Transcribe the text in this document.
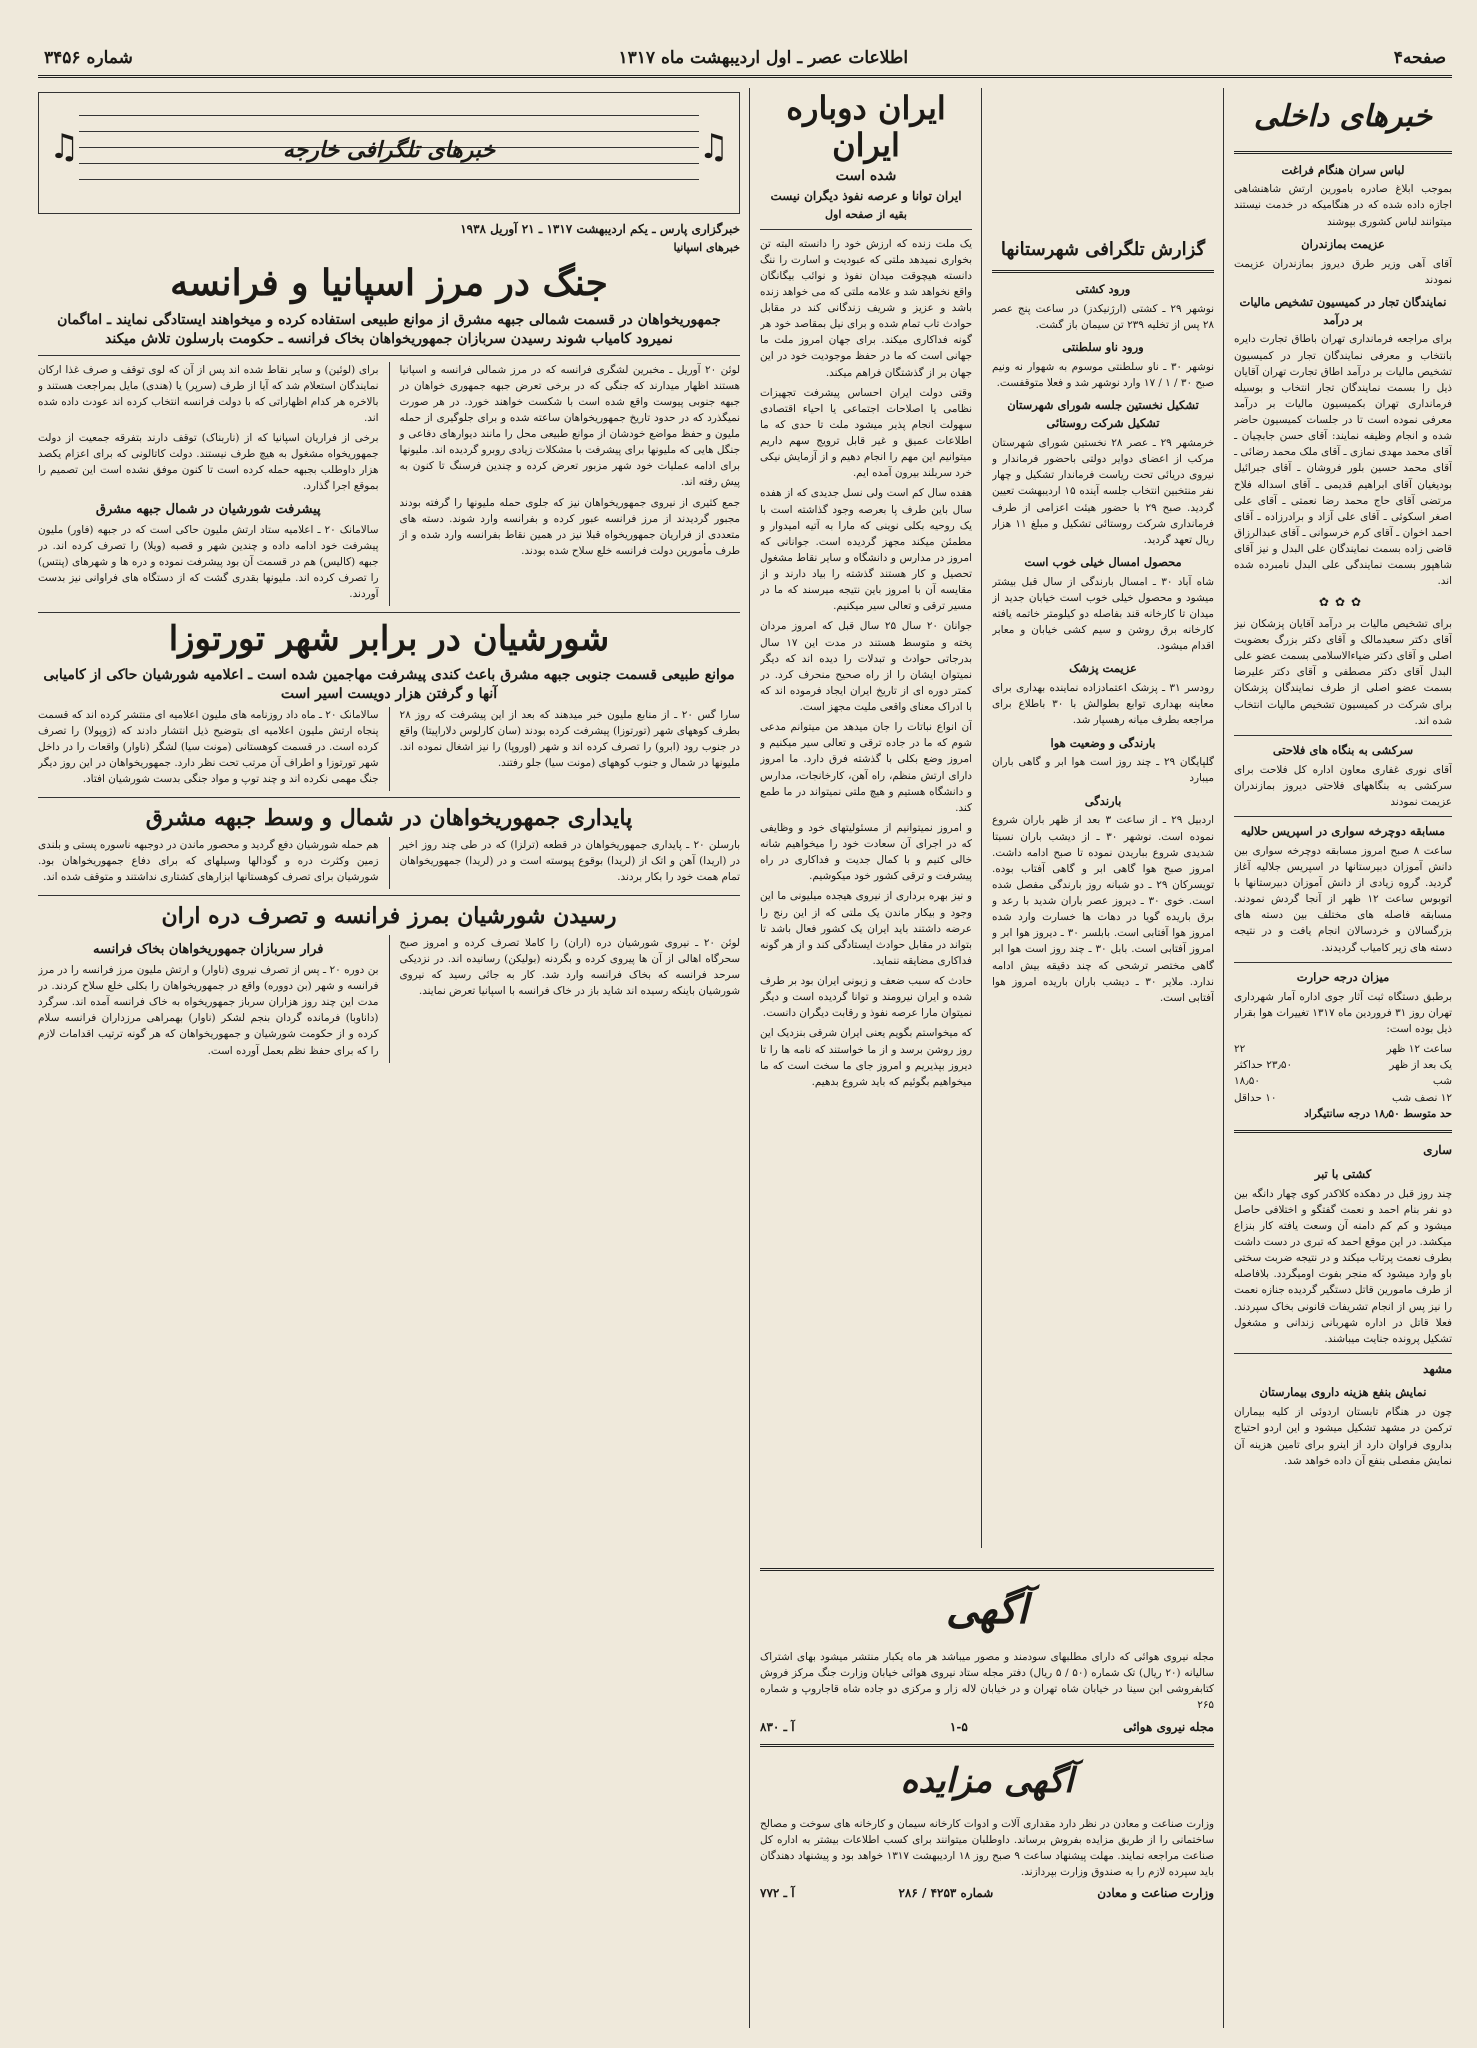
صفحه۴
اطلاعات عصر ـ اول اردیبهشت ماه ۱۳۱۷
شماره ۳۴۵۶
خبرهای داخلی
لباس سران هنگام فراغت

بموجب ابلاغ صادره بامورین ارتش شاهنشاهی اجازه داده شده که در هنگامیکه در خدمت نیستند میتوانند لباس کشوری بپوشند

عزیمت بمازندران

آقای آهی وزیر طرق دیروز بمازندران عزیمت نمودند

نمایندگان تجار در کمیسیون تشخیص مالیات بر درآمد

برای مراجعه فرمانداری تهران باطاق تجارت دایره بانتخاب و معرفی نمایندگان تجار در کمیسیون تشخیص مالیات بر درآمد اطاق تجارت تهران آقایان ذیل را بسمت نمایندگان تجار انتخاب و بوسیله فرمانداری تهران بکمیسیون مالیات بر درآمد معرفی نموده است تا در جلسات کمیسیون حاضر شده و انجام وظیفه نمایند: آقای حسن جابچیان ـ آقای محمد مهدی نمازی ـ آقای ملک محمد رضائی ـ آقای محمد حسین بلور فروشان ـ آقای جبرائیل بودیغیان آقای ابراهیم قدیمی ـ آقای اسداله فلاح مرتضی آقای حاج محمد رضا نعمتی ـ آقای علی اصغر اسکوئی ـ آقای علی آزاد و برادرزاده ـ آقای احمد اخوان ـ آقای کرم خرسوانی ـ آقای عبدالرزاق قاضی زاده بسمت نمایندگان علی البدل و نیز آقای شاهپور بسمت نمایندگی علی البدل نامبرده شده اند.

✿✿✿

برای تشخیص مالیات بر درآمد آقایان پزشکان نیز آقای دکتر سعیدمالک و آقای دکتر بزرگ بعضویت اصلی و آقای دکتر ضیاءالاسلامی بسمت عضو علی البدل آقای دکتر مصطفی و آقای دکتر علیرضا بسمت عضو اصلی از طرف نمایندگان پزشکان برای شرکت در کمیسیون تشخیص مالیات انتخاب شده اند.

سرکشی به بنگاه های فلاحتی

آقای نوری غفاری معاون اداره کل فلاحت برای سرکشی به بنگاههای فلاحتی دیروز بمازندران عزیمت نمودند

مسابقه دوچرخه سواری در اسپریس حلالیه

ساعت ۸ صبح امروز مسابقه دوچرخه سواری بین دانش آموزان دبیرستانها در اسپریس جلالیه آغاز گردید. گروه زیادی از دانش آموزان دبیرستانها با اتوبوس ساعت ۱۲ ظهر از آنجا گردش نمودند. مسابقه فاصله های مختلف بین دسته های بزرگسالان و خردسالان انجام یافت و در نتیجه دسته های زیر کامیاب گردیدند.

میزان درجه حرارت

برطبق دستگاه ثبت آثار جوی اداره آمار شهرداری تهران روز ۳۱ فروردین ماه ۱۳۱۷ تغییرات هوا بقرار ذیل بوده است:

ساعت ۱۲ ظهر
۲۲
یک بعد از ظهر
۲۳٫۵۰ حداکثر
شب
۱۸٫۵۰
۱۲ نصف شب
۱۰ حداقل
حد متوسط ۱۸٫۵۰ درجه سانتیگراد
ساری
کشتی با تبر

چند روز قبل در دهکده کلاکدر کوی چهار دانگه بین دو نفر بنام احمد و نعمت گفتگو و اختلافی حاصل میشود و کم کم دامنه آن وسعت یافته کار بنزاع میکشد. در این موقع احمد که تبری در دست داشت بطرف نعمت پرتاب میکند و در نتیجه ضربت سختی باو وارد میشود که منجر بفوت اومیگردد. بلافاصله از طرف مامورین قاتل دستگیر گردیده جنازه نعمت را نیز پس از انجام تشریفات قانونی بخاک سپردند. فعلا قاتل در اداره شهربانی زندانی و مشغول تشکیل پرونده جنایت میباشند.

مشهد
نمایش بنفع هزینه داروی بیمارستان

چون در هنگام تابستان اردوئی از کلیه بیماران ترکمن در مشهد تشکیل میشود و این اردو احتیاج بداروی فراوان دارد از اینرو برای تامین هزینه آن نمایش مفصلی بنفع آن داده خواهد شد.

گزارش تلگرافی شهرستانها
ورود کشتی

نوشهر ۲۹ ـ کشتی (ارژنیکدز) در ساعت پنج عصر ۲۸ پس از تخلیه ۲۳۹ تن سیمان باز گشت.

ورود ناو سلطنتی

نوشهر ۳۰ ـ ناو سلطنتی موسوم به شهوار نه ونیم صبح ۳۰ / ۱ / ۱۷ وارد نوشهر شد و فعلا متوقفست.

تشکیل نخستین جلسه شورای شهرستان تشکیل شرکت روستائی

خرمشهر ۲۹ ـ عصر ۲۸ نخستین شورای شهرستان مرکب از اعضای دوایر دولتی باحضور فرماندار و نیروی دریائی تحت ریاست فرماندار تشکیل و چهار نفر منتخبین انتخاب جلسه آینده ۱۵ اردیبهشت تعیین گردید. صبح ۲۹ با حضور هیئت اعزامی از طرف فرمانداری شرکت روستائی تشکیل و مبلغ ۱۱ هزار ریال تعهد گردید.

محصول امسال خیلی خوب است

شاه آباد ۳۰ ـ امسال بارندگی از سال قبل بیشتر میشود و محصول خیلی خوب است خیابان جدید از میدان تا کارخانه قند بفاصله دو کیلومتر خاتمه یافته کارخانه برق روشن و سیم کشی خیابان و معابر اقدام میشود.

عزیمت پزشک

رودسر ۳۱ ـ پزشک اعتمادزاده نماینده بهداری برای معاینه بهداری توابع بطوالش با ۳۰ باطلاع برای مراجعه بطرف میانه رهسپار شد.

بارندگی و وضعیت هوا

گلپایگان ۲۹ ـ چند روز است هوا ابر و گاهی باران میبارد

بارندگی

اردبیل ۲۹ ـ از ساعت ۳ بعد از ظهر باران شروع نموده است. نوشهر ۳۰ ـ از دیشب باران نسبتا شدیدی شروع بباریدن نموده تا صبح ادامه داشت. امروز صبح هوا گاهی ابر و گاهی آفتاب بوده. تویسرکان ۲۹ ـ دو شبانه روز بارندگی مفصل شده است. خوی ۳۰ ـ دیروز عصر باران شدید با رعد و برق باریده گویا در دهات ها خسارت وارد شده امروز هوا آفتابی است. بابلسر ۳۰ ـ دیروز هوا ابر و امروز آفتابی است. بابل ۳۰ ـ چند روز است هوا ابر گاهی مختصر ترشحی که چند دقیقه بیش ادامه ندارد. ملایر ۳۰ ـ دیشب باران باریده امروز هوا آفتابی است.

ایران دوباره ایران
شده است
ایران توانا و عرصه نفوذ دیگران نیست
بقیه از صفحه اول

یک ملت زنده که ارزش خود را دانسته البته تن بخواری نمیدهد ملتی که عبودیت و اسارت را ننگ دانسته هیچوقت میدان نفوذ و نوائب بیگانگان واقع نخواهد شد و علامه ملتی که می خواهد زنده باشد و عزیز و شریف زندگانی کند در مقابل حوادث تاب تمام شده و برای نیل بمقاصد خود هر گونه فداکاری میکند. برای جهان امروز ملت ما جهانی است که ما در حفظ موجودیت خود در این جهان بر از گذشتگان فراهم میکند.

وقتی دولت ایران احساس پیشرفت تجهیزات نظامی یا اصلاحات اجتماعی یا احیاء اقتصادی سهولت انجام پذیر میشود ملت تا حدی که ما اطلاعات عمیق و غیر قابل ترویج سهم داریم میتوانیم این مهم را انجام دهیم و از آزمایش نیکی خرد سربلند بیرون آمده ایم.

هفده سال کم است ولی نسل جدیدی که از هفده سال باین طرف پا بعرصه وجود گذاشته است با یک روحیه بکلی نوینی که مارا به آتیه امیدوار و مطمئن میکند مجهز گردیده است. جوانانی که امروز در مدارس و دانشگاه و سایر نقاط مشغول تحصیل و کار هستند گذشته را بیاد دارند و از مقایسه آن با امروز باین نتیجه میرسند که ما در مسیر ترقی و تعالی سیر میکنیم.

جوانان ۲۰ سال ۲۵ سال قبل که امروز مردان پخته و متوسط هستند در مدت این ۱۷ سال بدرجاتی حوادث و تبدلات را دیده اند که دیگر نمیتوان ایشان را از راه صحیح منحرف کرد. در کمتر دوره ای از تاریخ ایران ایجاد فرموده اند که با ادراک معنای واقعی ملیت مجهز است.

آن انواع نباتات را جان میدهد من میتوانم مدعی شوم که ما در جاده ترقی و تعالی سیر میکنیم و امروز وضع بکلی با گذشته فرق دارد. ما امروز دارای ارتش منظم، راه آهن، کارخانجات، مدارس و دانشگاه هستیم و هیچ ملتی نمیتواند در ما طمع کند.

و امروز نمیتوانیم از مسئولیتهای خود و وظایفی که در اجرای آن سعادت خود را میخواهیم شانه خالی کنیم و با کمال جدیت و فداکاری در راه پیشرفت و ترقی کشور خود میکوشیم.

و نیز بهره برداری از نیروی هیجده میلیونی ما این وجود و بیکار ماندن یک ملتی که از این رنج را عرضه داشتند باید ایران یک کشور فعال باشد تا بتواند در مقابل حوادث ایستادگی کند و از هر گونه فداکاری مضایقه ننماید.

حادث که سبب ضعف و زبونی ایران بود بر طرف شده و ایران نیرومند و توانا گردیده است و دیگر نمیتوان مارا عرصه نفوذ و رقابت دیگران دانست.

که میخواستم بگویم یعنی ایران شرقی بنزدیک این روز روشن برسد و از ما خواستند که نامه ها را تا دیروز بپذیریم و امروز جای ما سخت است که ما میخواهیم بگوئیم که باید شروع بدهیم.

♫
♫	خبرهای تلگرافی خارجه
خبرگزاری پارس ـ یکم اردیبهشت ۱۳۱۷ ـ ۲۱ آوریل ۱۹۳۸
خبرهای اسپانیا
جنگ در مرز اسپانیا و فرانسه
جمهوریخواهان در قسمت شمالی جبهه مشرق از موانع طبیعی استفاده کرده و میخواهند ایستادگی نمایند ـ اماگمان نمیرود کامیاب شوند رسیدن سربازان جمهوریخواهان بخاک فرانسه ـ حکومت بارسلون تلاش میکند

لوئن ۲۰ آوریل ـ مخبرین لشگری فرانسه که در مرز شمالی فرانسه و اسپانیا هستند اظهار میدارند که جنگی که در برخی تعرض جبهه جمهوری خواهان در جبهه جنوبی پیوست واقع شده است با شکست خواهند خورد. در هر صورت نمیگذرد که در حدود تاریخ جمهوریخواهان ساعته شده و برای جلوگیری از حمله ملیون و حفظ مواضع خودشان از موانع طبیعی محل را مانند دیوارهای دفاعی و جنگل هایی که ملیونها برای پیشرفت با مشکلات زیادی روبرو گردیده اند. ملیونها برای ادامه عملیات خود شهر مزبور تعرض کرده و چندین فرسنگ تا کنون به پیش رفته اند.

جمع کثیری از نیروی جمهوریخواهان نیز که جلوی حمله ملیونها را گرفته بودند مجبور گردیدند از مرز فرانسه عبور کرده و بفرانسه وارد شوند. دسته های متعددی از فراریان جمهوریخواه قبلا نیز در همین نقاط بفرانسه وارد شده و از طرف مأمورین دولت فرانسه خلع سلاح شده بودند.

برای (لوئین) و سایر نقاط شده اند پس از آن که لوی توقف و صرف غذا ارکان نمایندگان استعلام شد که آیا از طرف (سرپر) یا (هندی) مایل بمراجعت هستند و بالاخره هر کدام اظهاراتی که با دولت فرانسه انتخاب کرده اند عودت داده شده اند.

برخی از فراریان اسپانیا که از (ناربناک) توقف دارند بتفرقه جمعیت از دولت جمهوریخواه مشغول به هیچ طرف نیستند. دولت کاتالونی که برای اعزام یکصد هزار داوطلب بجبهه حمله کرده است تا کنون موفق نشده است این تصمیم را بموقع اجرا گذارد.

پیشرفت شورشیان در شمال جبهه مشرق

سالامانک ۲۰ ـ اعلامیه ستاد ارتش ملیون حاکی است که در جبهه (فاور) ملیون پیشرفت خود ادامه داده و چندین شهر و قصبه (ویلا) را تصرف کرده اند. در جبهه (کالیس) هم در قسمت آن بود پیشرفت نموده و دره ها و شهرهای (پنتس) را تصرف کرده اند. ملیونها بقدری گشت که از دستگاه های فراوانی نیز بدست آوردند.

شورشیان در برابر شهر تورتوزا
موانع طبیعی قسمت جنوبی جبهه مشرق باعث کندی پیشرفت مهاجمین شده است ـ اعلامیه شورشیان حاکی از کامیابی آنها و گرفتن هزار دویست اسیر است

سارا گس ۲۰ ـ از منابع ملیون خبر میدهند که بعد از این پیشرفت که روز ۲۸ بطرف کوههای شهر (تورتوزا) پیشرفت کرده بودند (سان کارلوس دلاراپیتا) واقع در جنوب رود (ابرو) را تصرف کرده اند و شهر (اوروپا) را نیز اشغال نموده اند. ملیونها در شمال و جنوب کوههای (مونت سیا) جلو رفتند.

سالامانک ۲۰ ـ ماه داد روزنامه های ملیون اعلامیه ای منتشر کرده اند که قسمت پنجاه ارتش ملیون اعلامیه ای بتوضیح ذیل انتشار دادند که (ژوپولا) را تصرف کرده است. در قسمت کوهستانی (مونت سیا) لشگر (ناوار) واقعات را در داخل شهر تورتوزا و اطراف آن مرتب تحت نظر دارد. جمهوریخواهان در این روز دیگر جنگ مهمی نکرده اند و چند توپ و مواد جنگی بدست شورشیان افتاد.

پایداری جمهوریخواهان در شمال و وسط جبهه مشرق

بارسلن ۲۰ ـ پایداری جمهوریخواهان در قطعه (ترلزا) که در طی چند روز اخیر در (اریدا) آهن و اتک از (لریدا) بوقوع پیوسته است و در (لریدا) جمهوریخواهان تمام همت خود را بکار بردند.

هم حمله شورشیان دفع گردید و محصور ماندن در دوجبهه ناسوره پستی و بلندی زمین وکثرت دره و گودالها وسیلهای که برای دفاع جمهوریخواهان بود. شورشیان برای تصرف کوهستانها ابزارهای کشتاری نداشتند و متوقف شده اند.

رسیدن شورشیان بمرز فرانسه و تصرف دره اران

لوئن ۲۰ ـ نیروی شورشیان دره (اران) را کاملا تصرف کرده و امروز صبح سحرگاه اهالی از آن ها پیروی کرده و بگردنه (بولیکن) رسانیده اند. در نزدیکی سرحد فرانسه که بخاک فرانسه وارد شد. کار به جائی رسید که نیروی شورشیان باینکه رسیده اند شاید باز در خاک فرانسه با اسپانیا تعرض نمایند.

فرار سربازان جمهوریخواهان بخاک فرانسه

بن دوره ۲۰ ـ پس از تصرف نیروی (ناوار) و ارتش ملیون مرز فرانسه را در مرز فرانسه و شهر (بن دووره) واقع در جمهوریخواهان را بکلی خلع سلاح کردند. در مدت این چند روز هزاران سرباز جمهوریخواه به خاک فرانسه آمده اند. سرگرد (داناوبا) فرمانده گردان بنجم لشکر (ناوار) بهمراهی مرزداران فرانسه سلام کرده و از حکومت شورشیان و جمهوریخواهان که هر گونه ترتیب اقدامات لازم را که برای حفظ نظم بعمل آورده است.

آگهی

مجله نیروی هوائی که دارای مطلبهای سودمند و مصور میباشد هر ماه یکبار منتشر میشود بهای اشتراک سالیانه (۲۰ ریال) تک شماره (۵۰ / ۵ ریال) دفتر مجله ستاد نیروی هوائی خیابان وزارت جنگ مرکز فروش کتابفروشی ابن سینا در خیابان شاه تهران و در خیابان لاله زار و مرکزی دو جاده شاه قاجاروپ و شماره ۲۶۵

مجله نیروی هوائی
۱-۵
آ ـ ۸۳۰
آگهی مزایده

وزارت صناعت و معادن در نظر دارد مقداری آلات و ادوات کارخانه سیمان و کارخانه های سوخت و مصالح ساختمانی را از طریق مزایده بفروش برساند. داوطلبان میتوانند برای کسب اطلاعات بیشتر به اداره کل صناعت مراجعه نمایند. مهلت پیشنهاد ساعت ۹ صبح روز ۱۸ اردیبهشت ۱۳۱۷ خواهد بود و پیشنهاد دهندگان باید سپرده لازم را به صندوق وزارت بپردازند.

وزارت صناعت و معادن
شماره ۴۲۵۳ / ۲۸۶
آ ـ ۷۷۲
